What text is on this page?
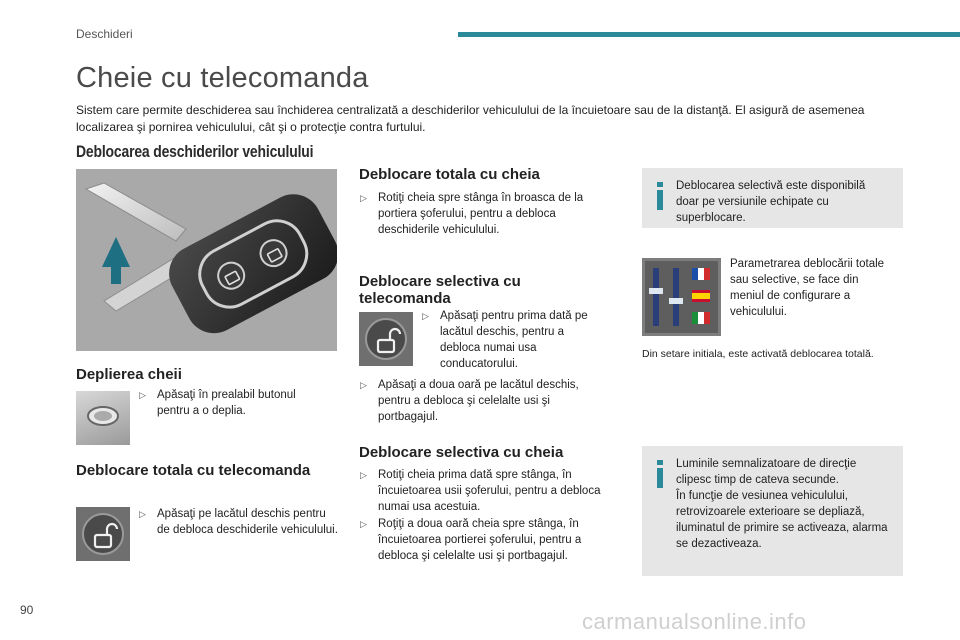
Deschideri
Cheie cu telecomanda
Sistem care permite deschiderea sau închiderea centralizată a deschiderilor vehiculului de la încuietoare sau de la distanţă. El asigură de asemenea localizarea şi pornirea vehiculului, cât şi o protecţie contra furtului.
Deblocarea deschiderilor vehiculului
Deplierea cheii
▷ Apăsaţi în prealabil butonul pentru a o deplia.
Deblocare totala cu telecomanda
▷ Apăsaţi pe lacătul deschis pentru de debloca deschiderile vehiculului.
Deblocare totala cu cheia
▷ Rotiţi cheia spre stânga în broasca de la portiera şoferului, pentru a debloca deschiderile vehiculului.
Deblocare selectiva cu
telecomanda
▷ Apăsaţi pentru prima dată pe lacătul deschis, pentru a debloca numai usa conducatorului.
▷ Apăsaţi a doua oară pe lacătul deschis, pentru a debloca şi celelalte usi şi portbagajul.
Deblocare selectiva cu cheia
▷ Rotiţi cheia prima dată spre stânga, în încuietoarea usii şoferului, pentru a debloca numai usa acestuia.
▷ Roţiţi a doua oară cheia spre stânga, în încuietoarea portierei şoferului, pentru a debloca şi celelalte usi şi portbagajul.
Deblocarea selectivă este disponibilă doar pe versiunile echipate cu superblocare.
Parametrarea deblocării totale sau selective, se face din meniul de configurare a vehiculului.
Din setare initiala, este activată deblocarea totală.
Luminile semnalizatoare de direcţie clipesc timp de cateva secunde.
În funcţie de vesiunea vehiculului, retrovizoarele exterioare se depliază, iluminatul de primire se activeaza, alarma se dezactiveaza.
90	carmanualsonline.info
